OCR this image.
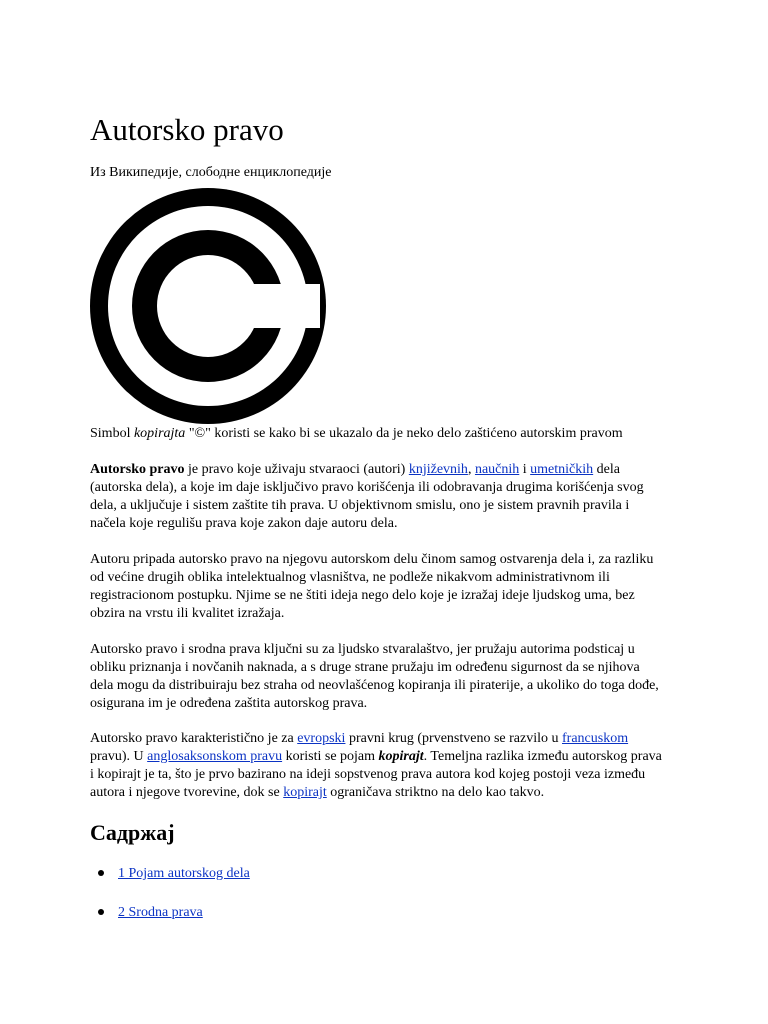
Autorsko pravo
Из Википедије, слободне енциклопедије
Simbol kopirajta "©" koristi se kako bi se ukazalo da je neko delo zaštićeno autorskim pravom

Autorsko pravo je pravo koje uživaju stvaraoci (autori) književnih, naučnih i umetničkih dela (autorska dela), a koje im daje isključivo pravo korišćenja ili odobravanja drugima korišćenja svog dela, a uključuje i sistem zaštite tih prava. U objektivnom smislu, ono je sistem pravnih pravila i načela koje regulišu prava koje zakon daje autoru dela.

Autoru pripada autorsko pravo na njegovu autorskom delu činom samog ostvarenja dela i, za razliku od većine drugih oblika intelektualnog vlasništva, ne podleže nikakvom administrativnom ili registracionom postupku. Njime se ne štiti ideja nego delo koje je izražaj ideje ljudskog uma, bez obzira na vrstu ili kvalitet izražaja.

Autorsko pravo i srodna prava ključni su za ljudsko stvaralaštvo, jer pružaju autorima podsticaj u obliku priznanja i novčanih naknada, a s druge strane pružaju im određenu sigurnost da se njihova dela mogu da distribuiraju bez straha od neovlašćenog kopiranja ili piraterije, a ukoliko do toga dođe, osigurana im je određena zaštita autorskog prava.

Autorsko pravo karakteristično je za evropski pravni krug (prvenstveno se razvilo u francuskom pravu). U anglosaksonskom pravu koristi se pojam kopirajt. Temeljna razlika između autorskog prava i kopirajt je ta, što je prvo bazirano na ideji sopstvenog prava autora kod kojeg postoji veza između autora i njegove tvorevine, dok se kopirajt ograničava striktno na delo kao takvo.

Садржај
1 Pojam autorskog dela
2 Srodna prava
